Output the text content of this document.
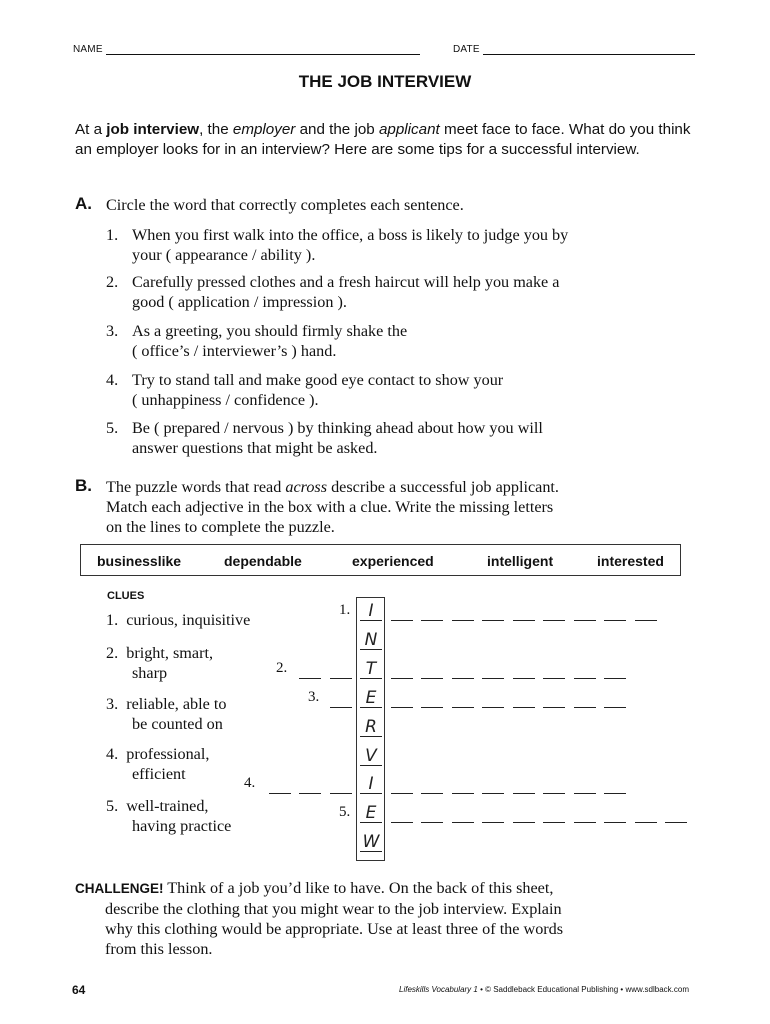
NAME	DATE
THE JOB INTERVIEW
At a job interview, the employer and the job applicant meet face to face. What do you think an employer looks for in an interview? Here are some tips for a successful interview.
A. Circle the word that correctly completes each sentence.
1. When you first walk into the office, a boss is likely to judge you by
your ( appearance / ability ).
2. Carefully pressed clothes and a fresh haircut will help you make a
good ( application / impression ).
3. As a greeting, you should firmly shake the
( office’s / interviewer’s ) hand.
4. Try to stand tall and make good eye contact to show your
( unhappiness / confidence ).
5. Be ( prepared / nervous ) by thinking ahead about how you will
answer questions that might be asked.
B. The puzzle words that read across describe a successful job applicant.
Match each adjective in the box with a clue. Write the missing letters
on the lines to complete the puzzle.
businesslike	dependable	experienced	intelligent	interested
CLUES
1. curious, inquisitive
2. bright, smart,
sharp
3. reliable, able to
be counted on
4. professional,
efficient
5. well-trained,
having practice
I
N
T
E
R
V
I
E
W
1.
2.
3.
4.
5.
CHALLENGE! Think of a job you’d like to have. On the back of this sheet,
describe the clothing that you might wear to the job interview. Explain
why this clothing would be appropriate. Use at least three of the words
from this lesson.
64	Lifeskills Vocabulary 1 • © Saddleback Educational Publishing • www.sdlback.com
